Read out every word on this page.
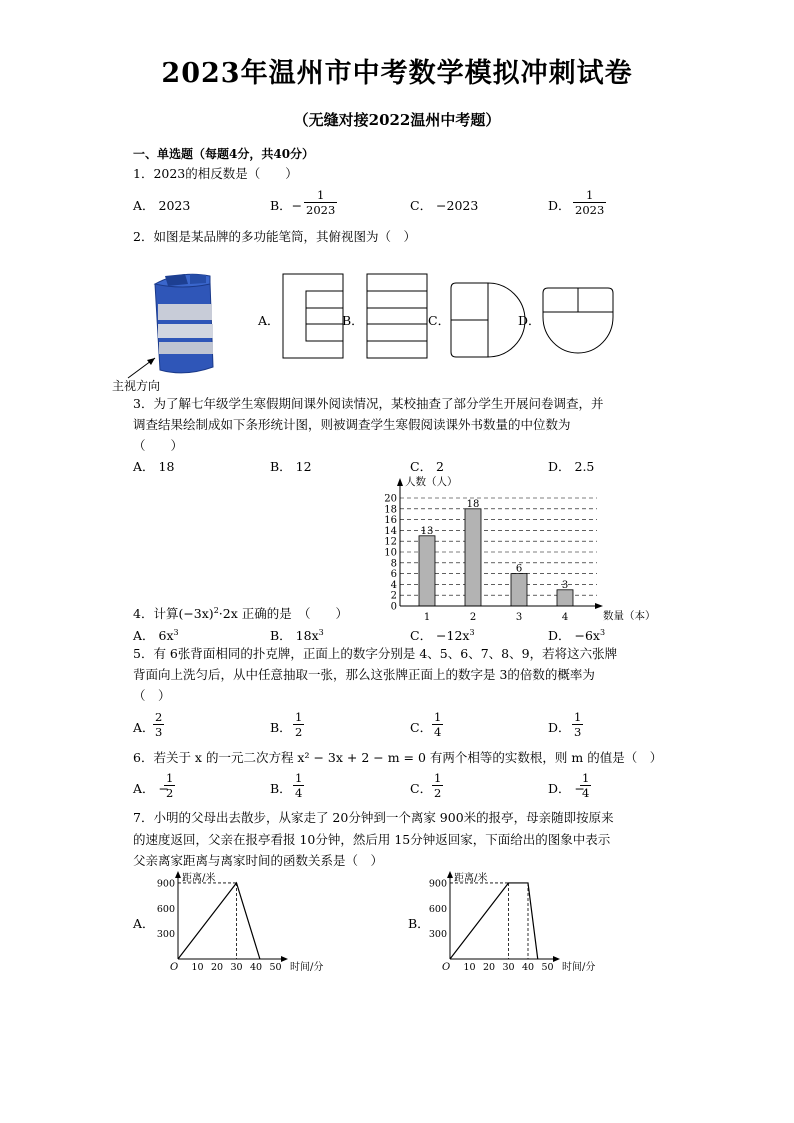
2023年温州市中考数学模拟冲刺试卷
（无缝对接2022温州中考题）
一、单选题（每题4分，共40分）
1．2023的相反数是（　　）
A． 2023	B．− $\frac{1}{2023}$	C． −2023	D． $\frac{1}{2023}$
2．如图是某品牌的多功能笔筒，其俯视图为（　）
主视方向
A．	B．	C．	D．
3．为了解七年级学生寒假期间课外阅读情况，某校抽查了部分学生开展问卷调查，并
调查结果绘制成如下条形统计图，则被调查学生寒假阅读课外书数量的中位数为
（　　）
A． 18	B． 12	C． 2	D． 2.5
0
2
4
6
8
10
12
14
16
18
20
1	2	3	4
13
18
6
3
人数（人）
数量（本）
4．计算$(-3x)^2\cdot 2x$ 正确的是　（　　）
A． $6x^3$	B． $18x^3$	C． $-12x^3$	D． $-6x^3$
5．有 6张背面相同的扑克牌，正面上的数字分别是 4、5、6、7、8、9，若将这六张牌
背面向上洗匀后，从中任意抽取一张，那么这张牌正面上的数字是 3的倍数的概率为
（　）
A．
$\frac{2}{3}$	B． $\frac{1}{2}$	C． $\frac{1}{4}$	D． $\frac{1}{3}$
6．若关于 x 的一元二次方程 x² − 3x + 2 − m = 0 有两个相等的实数根，则 m 的值是（　）
A． −
$\frac{1}{2}$	B． $\frac{1}{4}$	C． $\frac{1}{2}$	D． −
$\frac{1}{4}$
7．小明的父母出去散步，从家走了 20分钟到一个离家 900米的报亭，母亲随即按原来
的速度返回，父亲在报亭看报 10分钟，然后用 15分钟返回家，下面给出的图象中表示
父亲离家距离与离家时间的函数关系是（　）
A．
距离/米
时间/分
O
300
600
900
10 20 30 40 50
B．
距离/米
时间/分
O
300
600
900
10 20 30 40 50
